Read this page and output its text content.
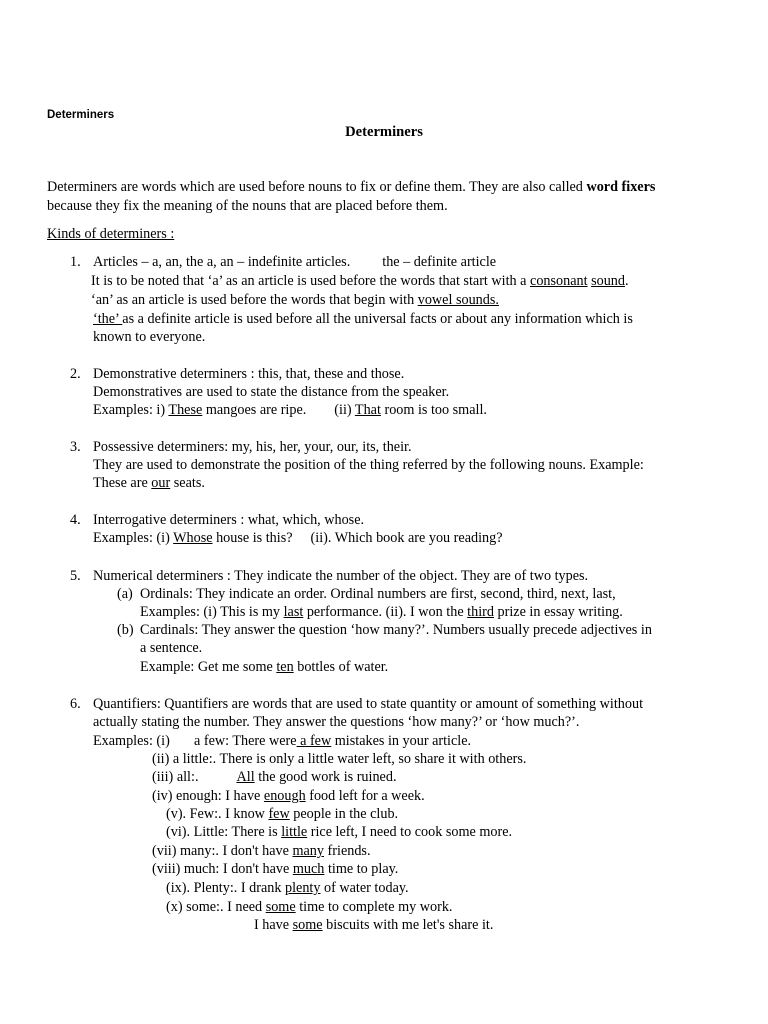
Determiners
Determiners
Determiners are words which are used before nouns to fix or define them. They are also called word fixers
because they fix the meaning of the nouns that are placed before them.
Kinds of determiners :
1. Articles – a, an, the a, an – indefinite articles. the – definite article
It is to be noted that ‘a’ as an article is used before the words that start with a consonant sound.
‘an’ as an article is used before the words that begin with vowel sounds.
‘the’ as a definite article is used before all the universal facts or about any information which is
known to everyone.
2. Demonstrative determiners : this, that, these and those.
Demonstratives are used to state the distance from the speaker.
Examples: i) These mangoes are ripe. (ii) That room is too small.
3. Possessive determiners: my, his, her, your, our, its, their.
They are used to demonstrate the position of the thing referred by the following nouns. Example:
These are our seats.
4. Interrogative determiners : what, which, whose.
Examples: (i) Whose house is this? (ii). Which book are you reading?
5. Numerical determiners : They indicate the number of the object. They are of two types.
(a) Ordinals: They indicate an order. Ordinal numbers are first, second, third, next, last,
Examples: (i) This is my last performance. (ii). I won the third prize in essay writing.
(b) Cardinals: They answer the question ‘how many?’. Numbers usually precede adjectives in
a sentence.
Example: Get me some ten bottles of water.
6. Quantifiers: Quantifiers are words that are used to state quantity or amount of something without
actually stating the number. They answer the questions ‘how many?’ or ‘how much?’.
Examples: (i) a few: There were a few mistakes in your article.
(ii) a little:. There is only a little water left, so share it with others.
(iii) all:.	All the good work is ruined.
(iv) enough: I have enough food left for a week.
(v). Few:. I know few people in the club.
(vi). Little: There is little rice left, I need to cook some more.
(vii) many:. I don't have many friends.
(viii) much: I don't have much time to play.
(ix). Plenty:. I drank plenty of water today.
(x) some:. I need some time to complete my work.
I have some biscuits with me let's share it.
